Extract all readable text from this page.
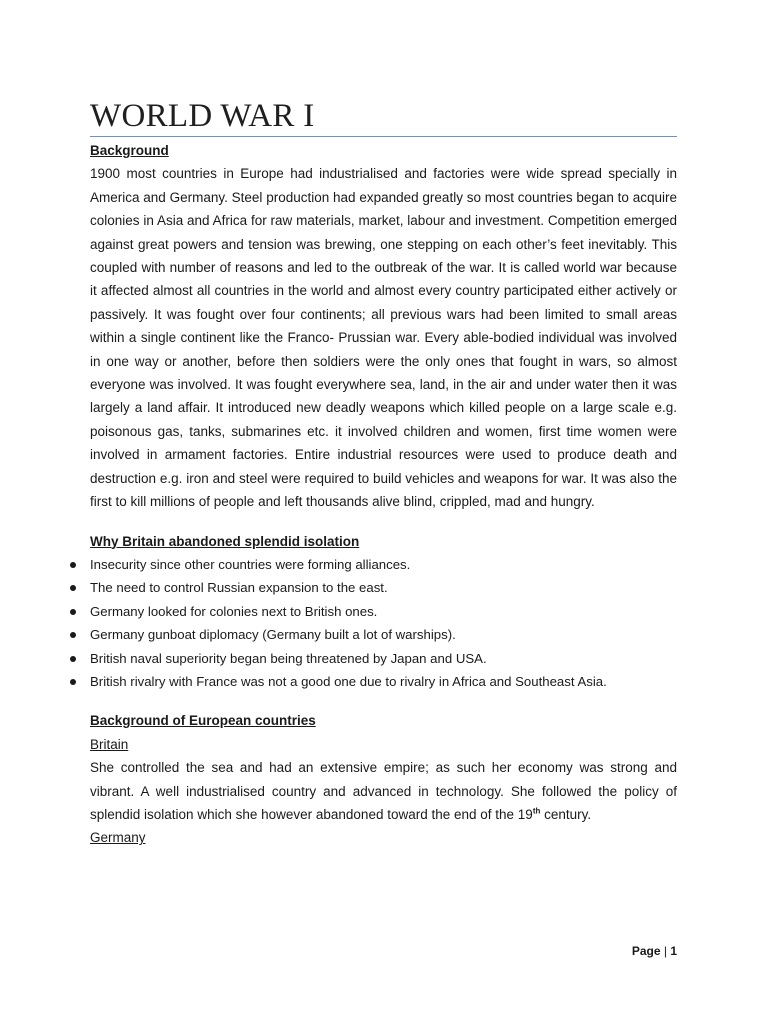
WORLD WAR I

Background

1900 most countries in Europe had industrialised and factories were wide spread specially in America and Germany. Steel production had expanded greatly so most countries began to acquire colonies in Asia and Africa for raw materials, market, labour and investment. Competition emerged against great powers and tension was brewing, one stepping on each other’s feet inevitably. This coupled with number of reasons and led to the outbreak of the war. It is called world war because it affected almost all countries in the world and almost every country participated either actively or passively. It was fought over four continents; all previous wars had been limited to small areas within a single continent like the Franco- Prussian war. Every able-bodied individual was involved in one way or another, before then soldiers were the only ones that fought in wars, so almost everyone was involved. It was fought everywhere sea, land, in the air and under water then it was largely a land affair. It introduced new deadly weapons which killed people on a large scale e.g. poisonous gas, tanks, submarines etc. it involved children and women, first time women were involved in armament factories. Entire industrial resources were used to produce death and destruction e.g. iron and steel were required to build vehicles and weapons for war. It was also the first to kill millions of people and left thousands alive blind, crippled, mad and hungry.

Why Britain abandoned splendid isolation

Insecurity since other countries were forming alliances.
The need to control Russian expansion to the east.
Germany looked for colonies next to British ones.
Germany gunboat diplomacy (Germany built a lot of warships).
British naval superiority began being threatened by Japan and USA.
British rivalry with France was not a good one due to rivalry in Africa and Southeast Asia.

Background of European countries

Britain

She controlled the sea and had an extensive empire; as such her economy was strong and vibrant. A well industrialised country and advanced in technology. She followed the policy of splendid isolation which she however abandoned toward the end of the 19th century.

Germany

Page | 1
